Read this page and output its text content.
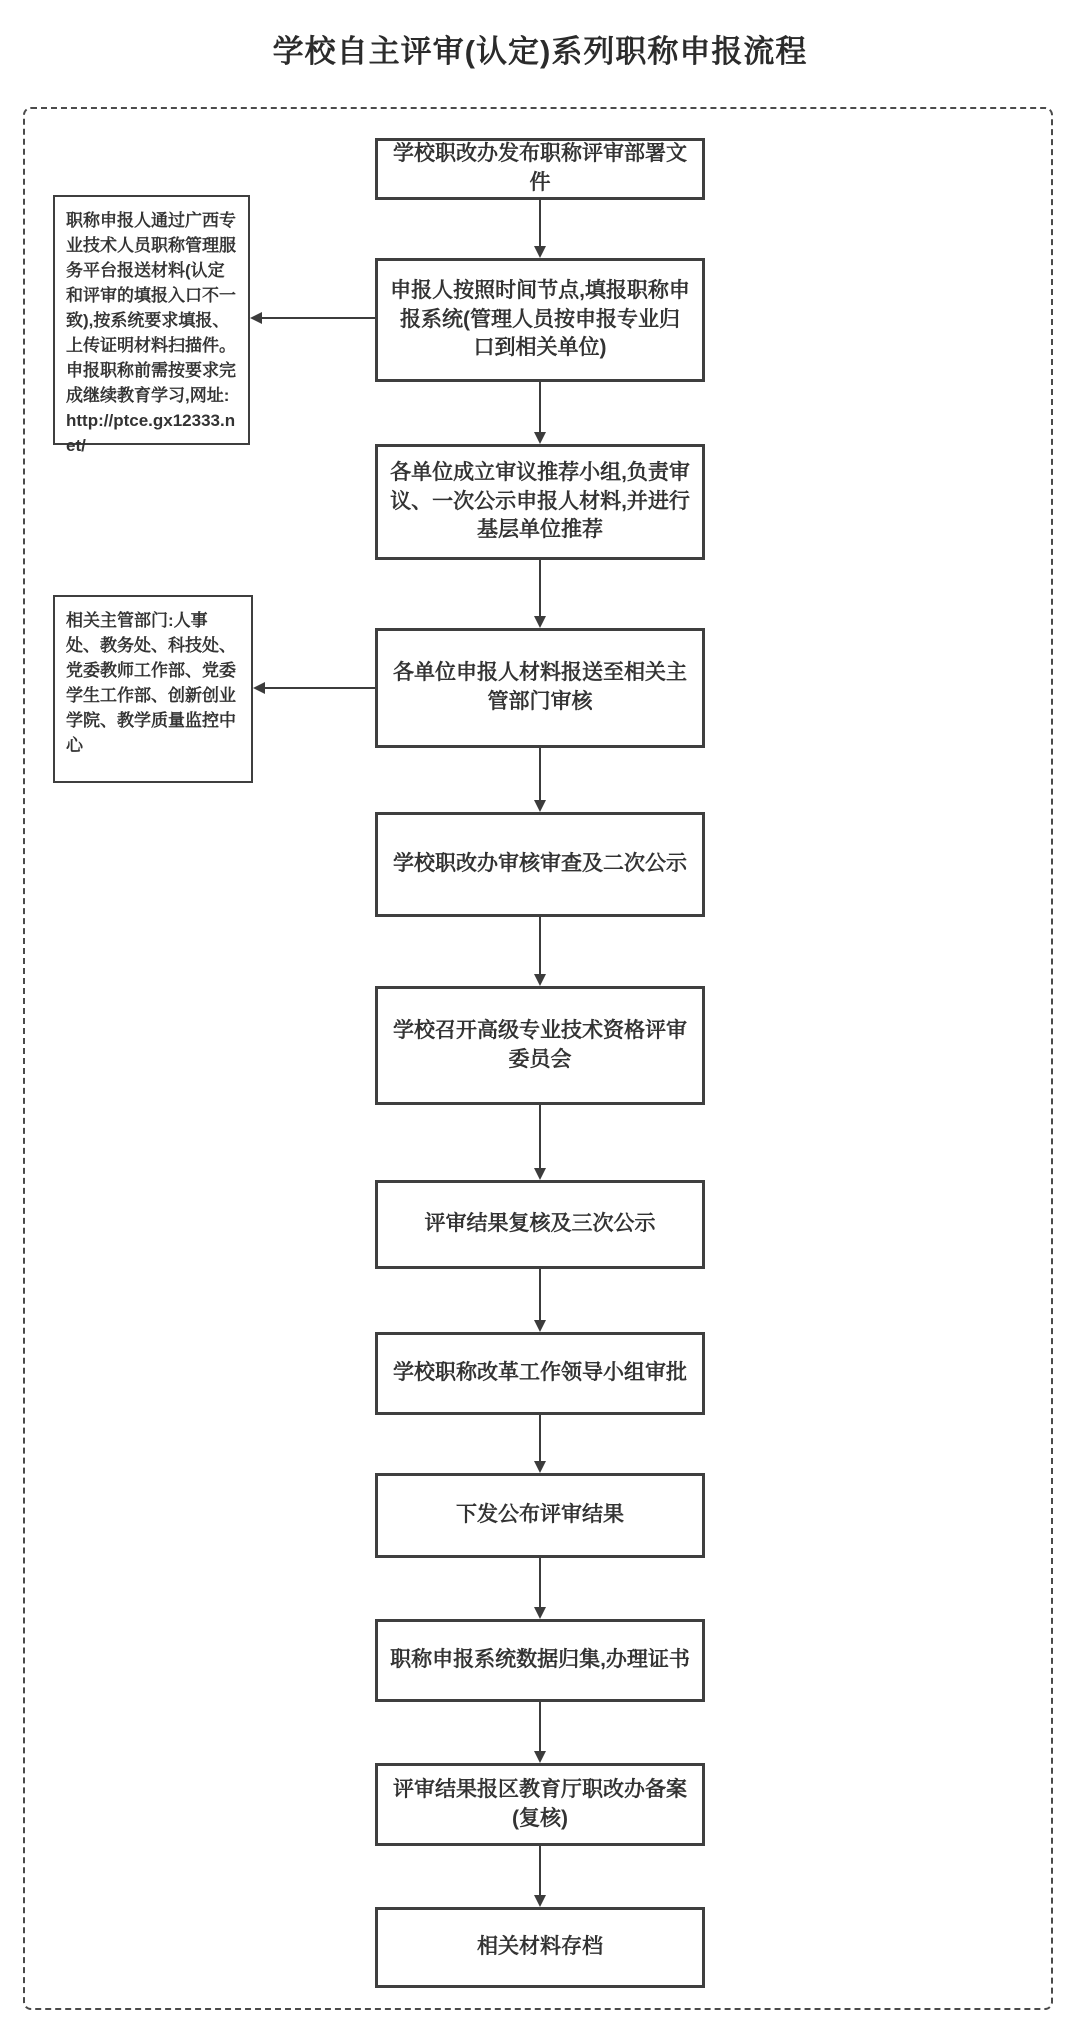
学校自主评审(认定)系列职称申报流程
学校职改办发布职称评审部署文件
申报人按照时间节点,填报职称申报系统(管理人员按申报专业归口到相关单位)
各单位成立审议推荐小组,负责审议、一次公示申报人材料,并进行基层单位推荐
各单位申报人材料报送至相关主管部门审核
学校职改办审核审查及二次公示
学校召开高级专业技术资格评审委员会
评审结果复核及三次公示
学校职称改革工作领导小组审批
下发公布评审结果
职称申报系统数据归集,办理证书
评审结果报区教育厅职改办备案(复核)
相关材料存档
职称申报人通过广西专业技术人员职称管理服务平台报送材料(认定和评审的填报入口不一致),按系统要求填报、上传证明材料扫描件。申报职称前需按要求完成继续教育学习,网址:http://ptce.gx12333.net/
相关主管部门:人事处、教务处、科技处、党委教师工作部、党委学生工作部、创新创业学院、教学质量监控中心
